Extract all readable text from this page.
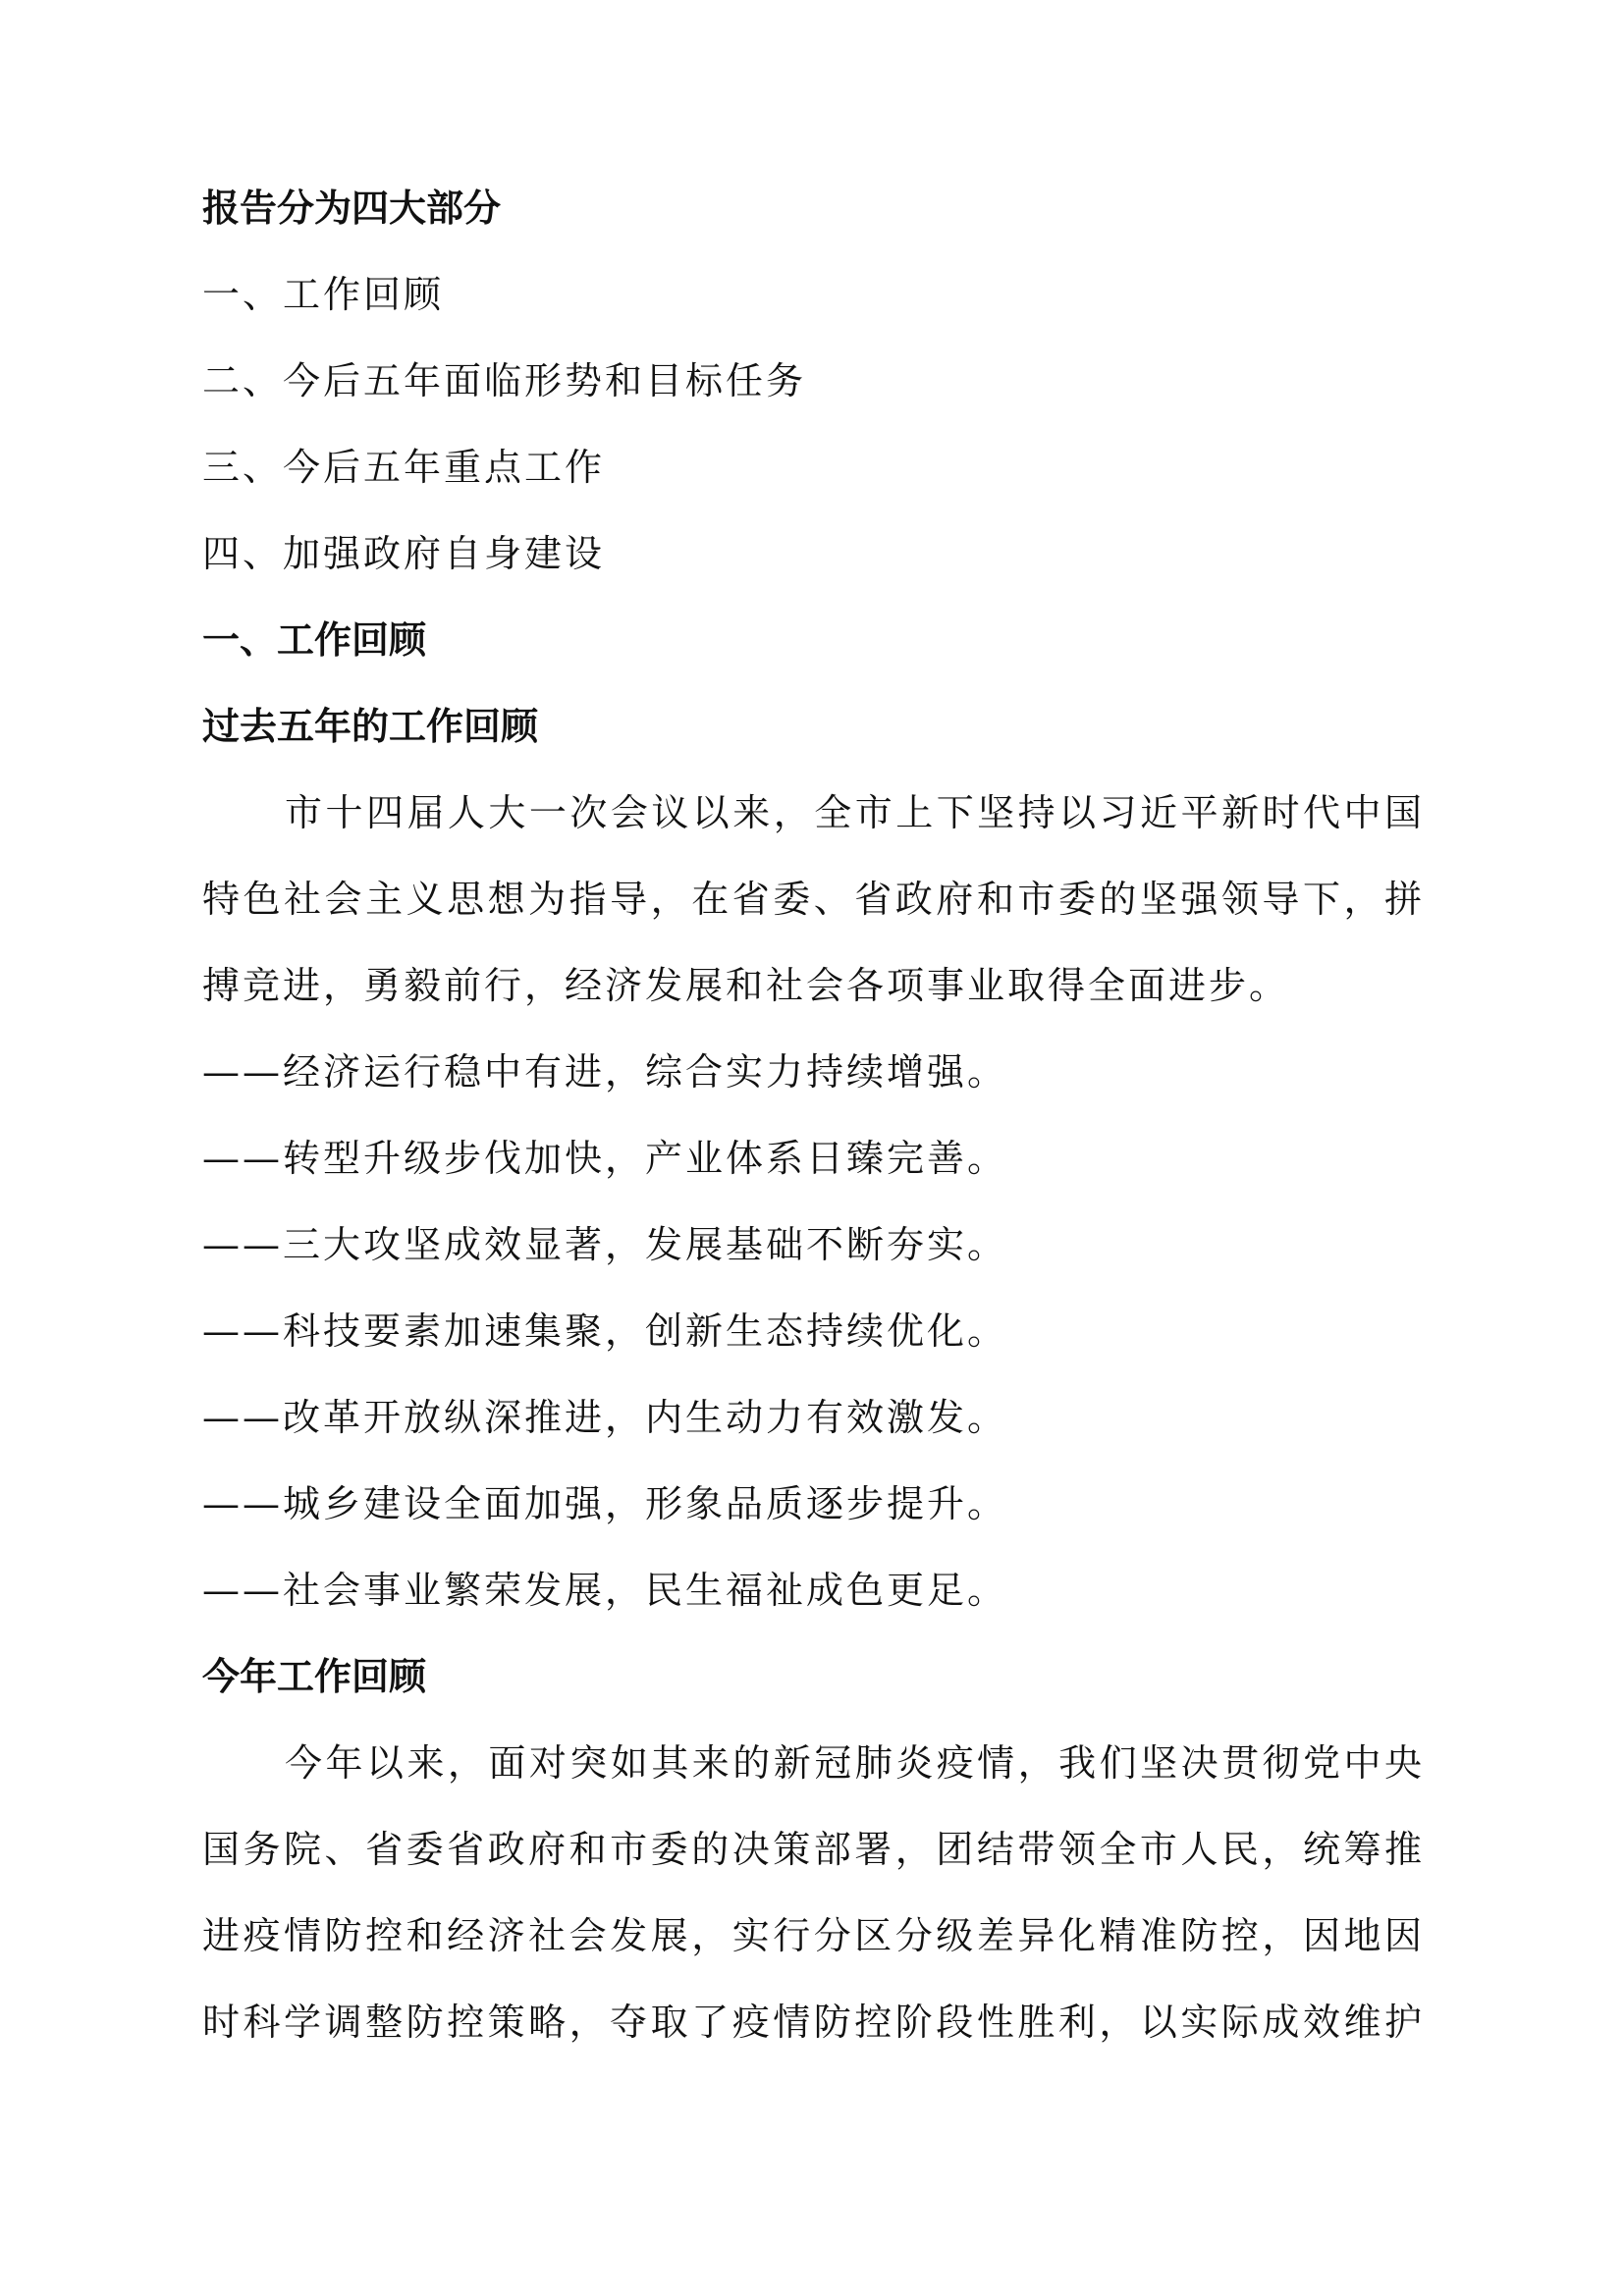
报告分为四大部分
一、工作回顾
二、今后五年面临形势和目标任务
三、今后五年重点工作
四、加强政府自身建设
一、工作回顾
过去五年的工作回顾
市十四届人大一次会议以来，全市上下坚持以习近平新时代中国
特色社会主义思想为指导，在省委、省政府和市委的坚强领导下，拼
搏竞进，勇毅前行，经济发展和社会各项事业取得全面进步。
——经济运行稳中有进，综合实力持续增强。
——转型升级步伐加快，产业体系日臻完善。
——三大攻坚成效显著，发展基础不断夯实。
——科技要素加速集聚，创新生态持续优化。
——改革开放纵深推进，内生动力有效激发。
——城乡建设全面加强，形象品质逐步提升。
——社会事业繁荣发展，民生福祉成色更足。
今年工作回顾
今年以来，面对突如其来的新冠肺炎疫情，我们坚决贯彻党中央
国务院、省委省政府和市委的决策部署，团结带领全市人民，统筹推
进疫情防控和经济社会发展，实行分区分级差异化精准防控，因地因
时科学调整防控策略，夺取了疫情防控阶段性胜利，以实际成效维护
